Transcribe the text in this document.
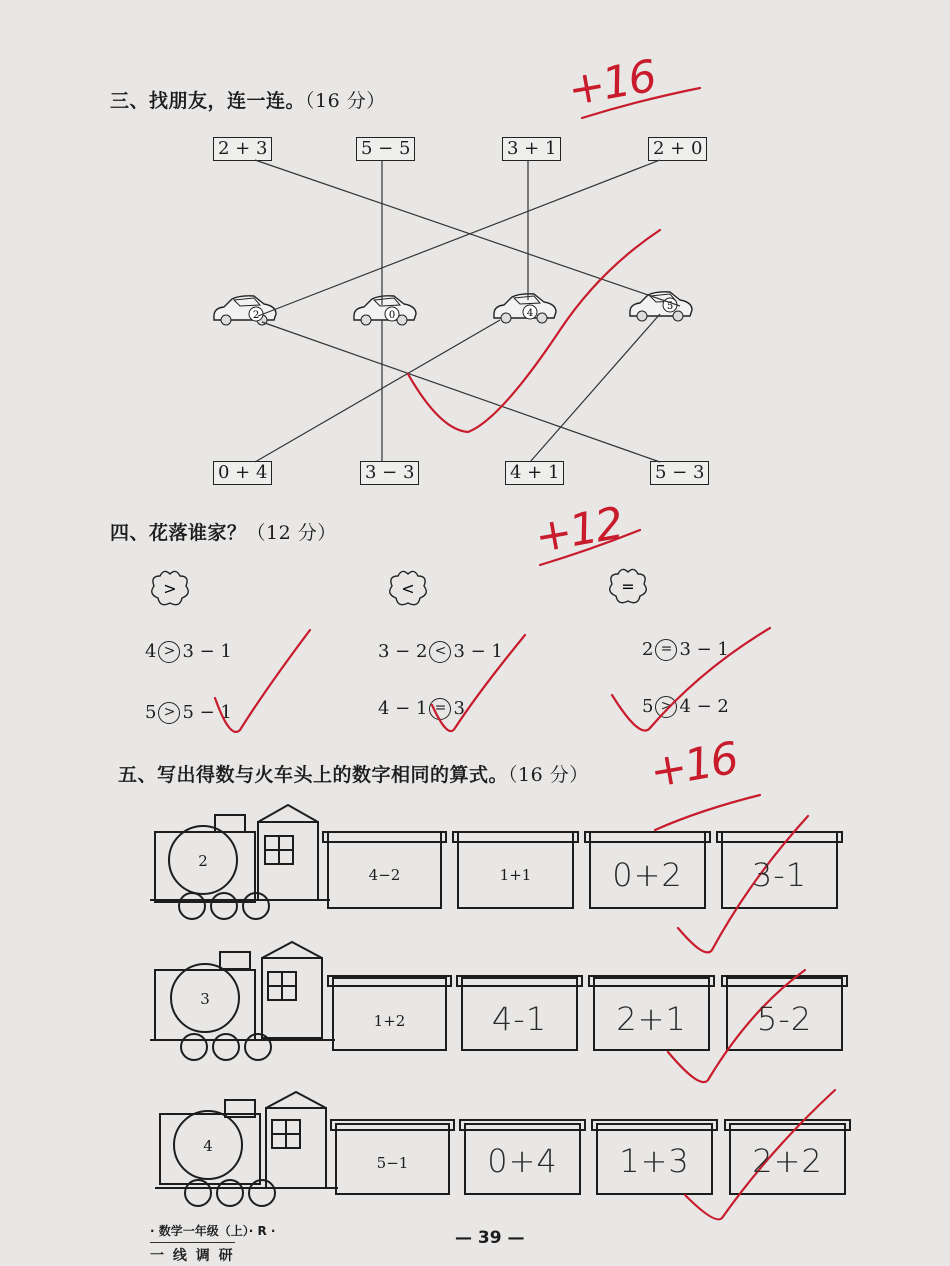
三、找朋友，连一连。（16 分）
2 + 3	5 − 5	3 + 1	2 + 0
0 + 4	3 − 3	4 + 1	5 − 3
2	0	4
5
四、花落谁家？（12 分）
>	<	=
4 > 3 − 1	3 − 2 < 3 − 1	2 = 3 − 1
5 > 5 − 1	4 − 1 = 3	5 > 4 − 2
五、写出得数与火车头上的数字相同的算式。（16 分）
2
3
4
4−2	1+1	0+2	3-1
1+2	4-1	2+1	5-2
5−1	0+4	1+3	2+2
+16
+12
+16
· 数学一年级（上）· R ·
一 线 调 研
— 39 —
